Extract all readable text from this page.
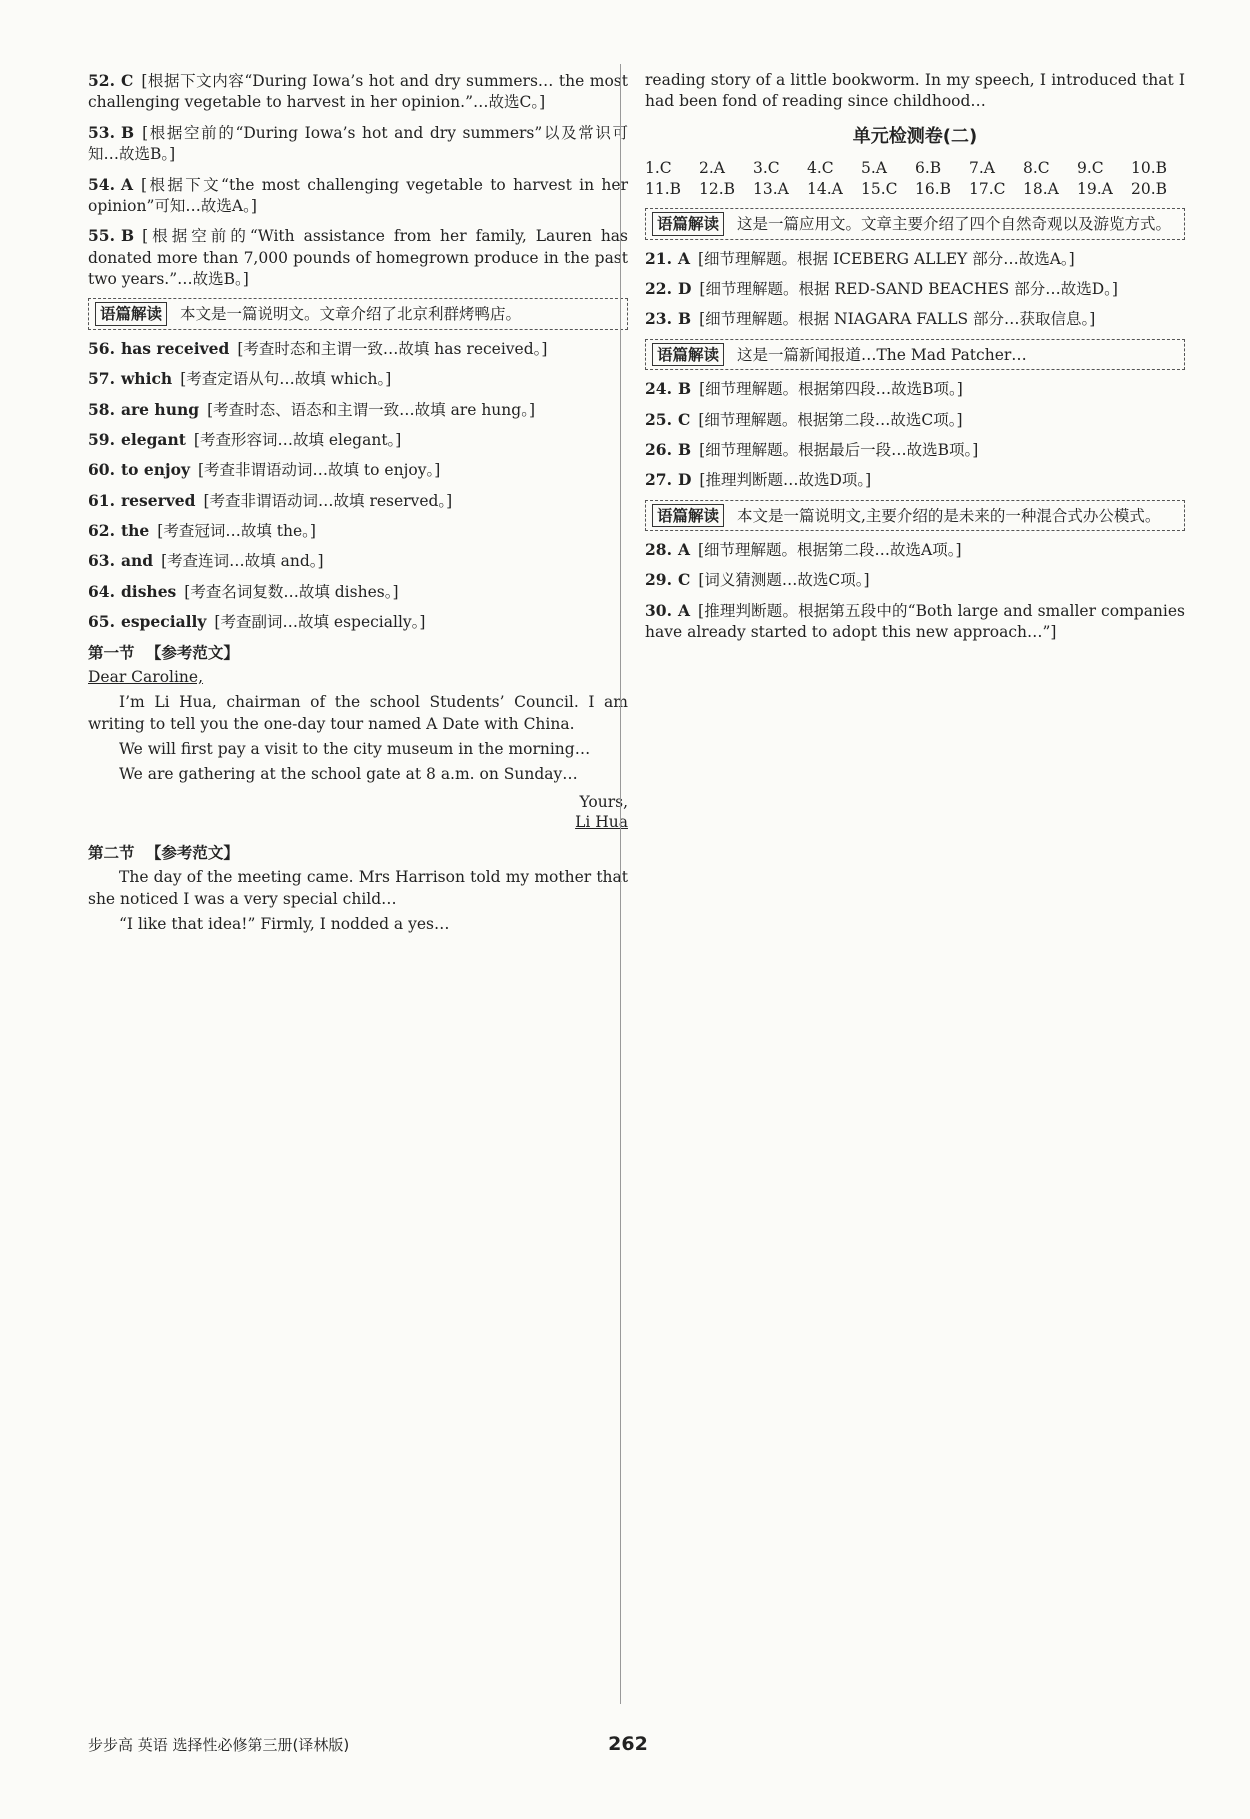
52. C [根据下文内容“During Iowa’s hot and dry summers… the most challenging vegetable to harvest in her opinion.”…故选C。]
53. B [根据空前的“During Iowa’s hot and dry summers”以及常识可知…故选B。]
54. A [根据下文“the most challenging vegetable to harvest in her opinion”可知…故选A。]
55. B [根据空前的“With assistance from her family, Lauren has donated more than 7,000 pounds of homegrown produce in the past two years.”…故选B。]
语篇解读 本文是一篇说明文。文章介绍了北京利群烤鸭店。
56. has received [考查时态和主谓一致…故填 has received。]
57. which [考查定语从句…故填 which。]
58. are hung [考查时态、语态和主谓一致…故填 are hung。]
59. elegant [考查形容词…故填 elegant。]
60. to enjoy [考查非谓语动词…故填 to enjoy。]
61. reserved [考查非谓语动词…故填 reserved。]
62. the [考查冠词…故填 the。]
63. and [考查连词…故填 and。]
64. dishes [考查名词复数…故填 dishes。]
65. especially [考查副词…故填 especially。]
第一节 【参考范文】
Dear Caroline,

I’m Li Hua, chairman of the school Students’ Council. I am writing to tell you the one-day tour named A Date with China.

We will first pay a visit to the city museum in the morning…

We are gathering at the school gate at 8 a.m. on Sunday…

Yours,
Li Hua
第二节 【参考范文】

The day of the meeting came. Mrs Harrison told my mother that she noticed I was a very special child…

“I like that idea!” Firmly, I nodded a yes…

reading story of a little bookworm. In my speech, I introduced that I had been fond of reading since childhood…

单元检测卷(二)
1.C	2.A	3.C	4.C	5.A	6.B	7.A	8.C	9.C	10.B
11.B	12.B	13.A	14.A	15.C	16.B	17.C	18.A	19.A	20.B
语篇解读 这是一篇应用文。文章主要介绍了四个自然奇观以及游览方式。
21. A [细节理解题。根据 ICEBERG ALLEY 部分…故选A。]
22. D [细节理解题。根据 RED-SAND BEACHES 部分…故选D。]
23. B [细节理解题。根据 NIAGARA FALLS 部分…获取信息。]
语篇解读 这是一篇新闻报道…The Mad Patcher…
24. B [细节理解题。根据第四段…故选B项。]
25. C [细节理解题。根据第二段…故选C项。]
26. B [细节理解题。根据最后一段…故选B项。]
27. D [推理判断题…故选D项。]
语篇解读 本文是一篇说明文,主要介绍的是未来的一种混合式办公模式。
28. A [细节理解题。根据第二段…故选A项。]
29. C [词义猜测题…故选C项。]
30. A [推理判断题。根据第五段中的“Both large and smaller companies have already started to adopt this new approach…”]
步步高 英语 选择性必修第三册(译林版)	262
